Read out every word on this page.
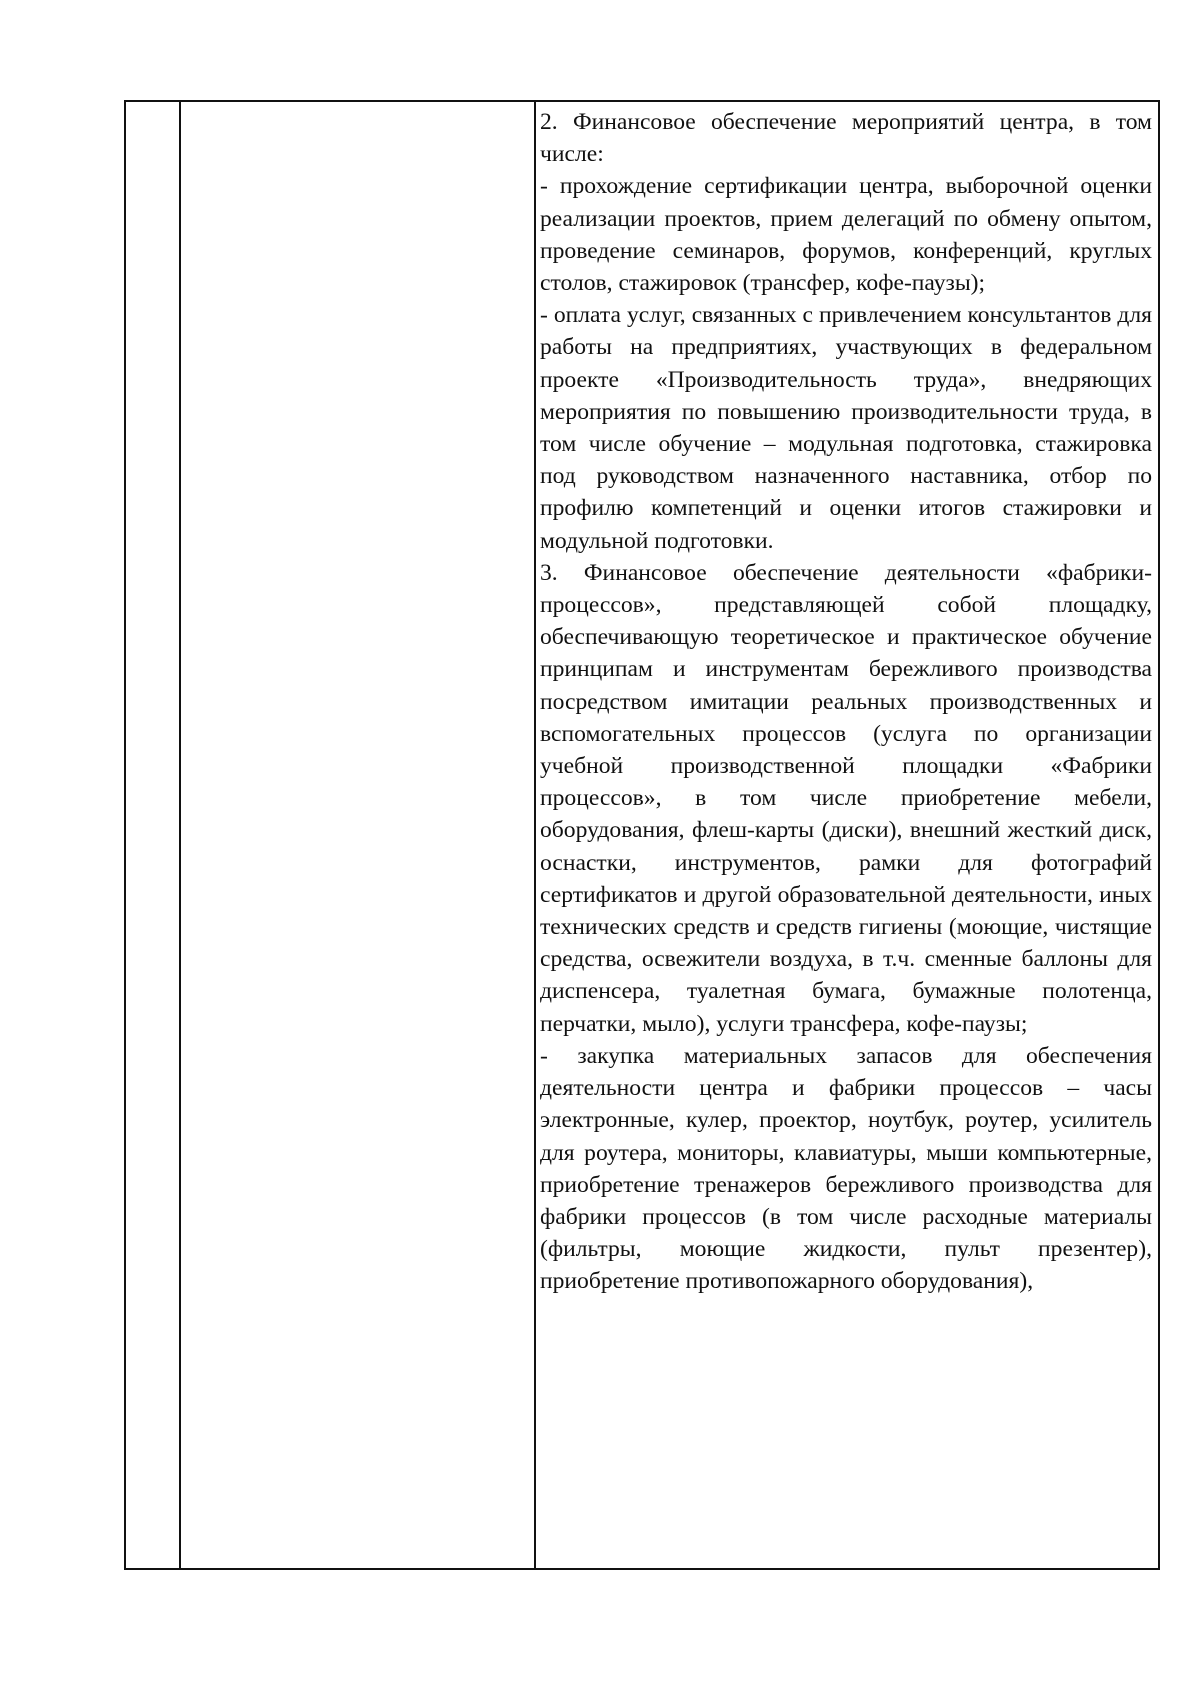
2. Финансовое обеспечение мероприятий центра, в том числе:

- прохождение сертификации центра, выборочной оценки реализации проектов, прием делегаций по обмену опытом, проведение семинаров, форумов, конференций, круглых столов, стажировок (трансфер, кофе-паузы);

- оплата услуг, связанных с привлечением консультантов для работы на предприятиях, участвующих в федеральном проекте «Производительность труда», внедряющих мероприятия по повышению производительности труда, в том числе обучение – модульная подготовка, стажировка под руководством назначенного наставника, отбор по профилю компетенций и оценки итогов стажировки и модульной подготовки.

3. Финансовое обеспечение деятельности «фабрики-процессов», представляющей собой площадку, обеспечивающую теоретическое и практическое обучение принципам и инструментам бережливого производства посредством имитации реальных производственных и вспомогательных процессов (услуга по организации учебной производственной площадки «Фабрики процессов», в том числе приобретение мебели, оборудования, флеш-карты (диски), внешний жесткий диск, оснастки, инструментов, рамки для фотографий сертификатов и другой образовательной деятельности, иных технических средств и средств гигиены (моющие, чистящие средства, освежители воздуха, в т.ч. сменные баллоны для диспенсера, туалетная бумага, бумажные полотенца, перчатки, мыло), услуги трансфера, кофе-паузы;

- закупка материальных запасов для обеспечения деятельности центра и фабрики процессов – часы электронные, кулер, проектор, ноутбук, роутер, усилитель для роутера, мониторы, клавиатуры, мыши компьютерные, приобретение тренажеров бережливого производства для фабрики процессов (в том числе расходные материалы (фильтры, моющие жидкости, пульт презентер), приобретение противопожарного оборудования),
